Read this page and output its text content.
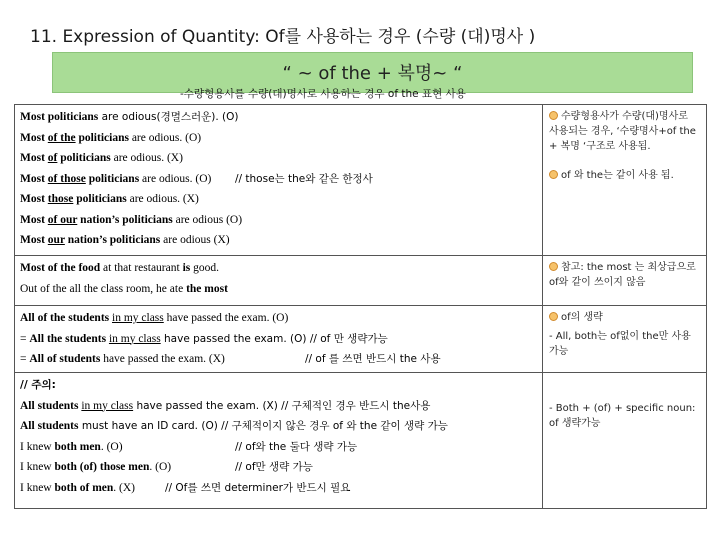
11. Expression of Quantity: Of를 사용하는 경우 (수량 (대)명사 )
“ ~ of the + 복명~ “
-수량형용사를 수량(대)명사로 사용하는 경우 of the 표현 사용
Most politicians are odious(경멸스러운). (O)
Most of the politicians are odious. (O)
Most of politicians are odious. (X)
Most of those politicians are odious. (O) // those는 the와 같은 한정사
Most those politicians are odious. (X)
Most of our nation’s politicians are odious (O)
Most our nation’s politicians are odious (X)
수량형용사가 수량(대)명사로 사용되는 경우, ‘수량명사+of the + 복명 ‘구조로 사용됨.
of 와 the는 같이 사용 됨.
Most of the food at that restaurant is good.
Out of the all the class room, he ate the most
참고: the most 는 최상급으로 of와 같이 쓰이지 않음
All of the students in my class have passed the exam. (O)
= All the students in my class have passed the exam. (O) // of 만 생략가능
= All of students have passed the exam. (X)	// of 를 쓰면 반드시 the 사용
of의 생략
- All, both는 of없이 the만 사용 가능
// 주의:
All students in my class have passed the exam. (X) // 구체적인 경우 반드시 the사용
All students must have an ID card. (O) // 구체적이지 않은 경우 of 와 the 같이 생략 가능
I knew both men. (O)	// of와 the 둘다 생략 가능
I knew both (of) those men. (O)	// of만 생략 가능
I knew both of men. (X)	// Of를 쓰면 determiner가 반드시 필요
- Both + (of) + specific noun: of 생략가능
